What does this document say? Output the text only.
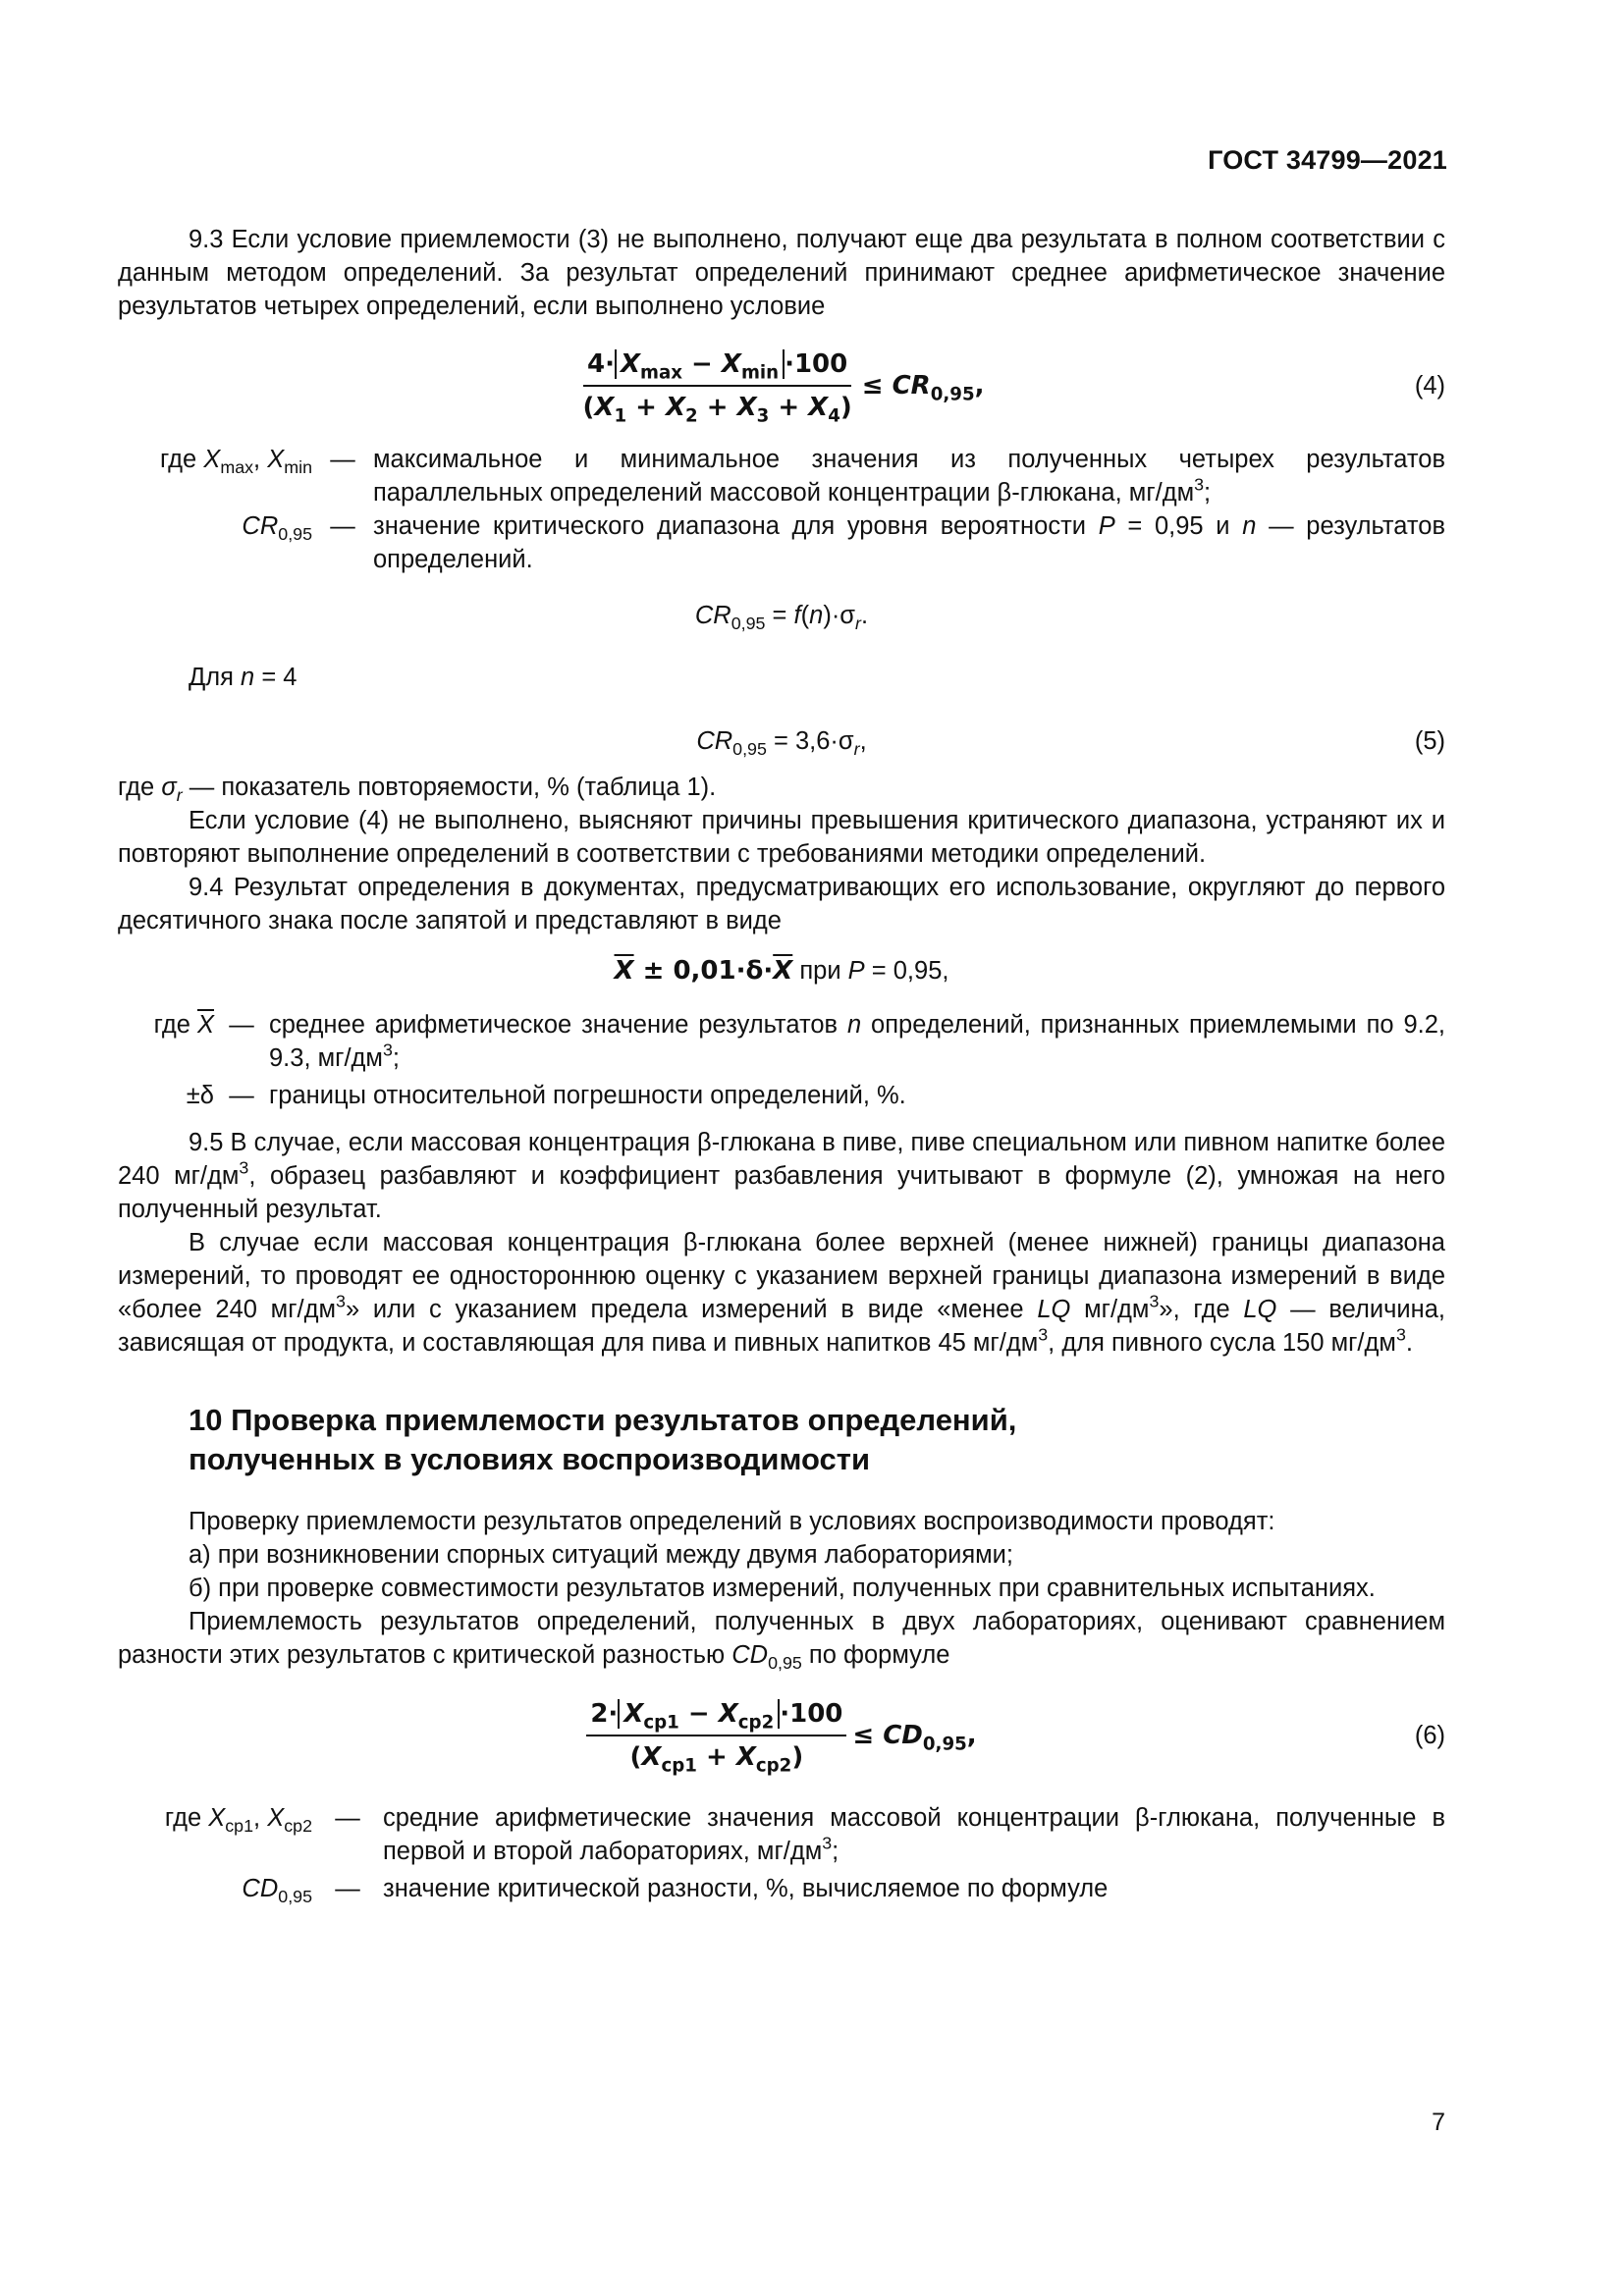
ГОСТ 34799—2021

9.3 Если условие приемлемости (3) не выполнено, получают еще два результата в полном соответствии с данным методом определений. За результат определений принимают среднее арифметическое значение результатов четырех определений, если выполнено условие

$\frac{4\cdot X_{max} - X_{min} \cdot 100}{(X_1 + X_2 + X_3 + X_4)} \le CR_{0,95}$,	(4)
где $X_{max}$, $X_{min}$ — максимальное и минимальное значения из полученных четырех результатов параллельных определений массовой концентрации β-глюкана, $мг/дм^3$;
$CR_{0,95}$ — значение критического диапазона для уровня вероятности P = 0,95 и n — результатов определений.
$CR_{0,95} = f(n)\cdot\sigma_r$.

Для n = 4

$CR_{0,95} = 3,6\cdot\sigma_r$,	(5)

где $\sigma_r$ — показатель повторяемости, % (таблица 1).

Если условие (4) не выполнено, выясняют причины превышения критического диапазона, устраняют их и повторяют выполнение определений в соответствии с требованиями методики определений.

9.4 Результат определения в документах, предусматривающих его использование, округляют до первого десятичного знака после запятой и представляют в виде

$\overline{X} \pm 0,01\cdot\delta\cdot\overline{X}$ при P = 0,95,
где $\overline{X}$ — среднее арифметическое значение результатов n определений, признанных приемлемыми по 9.2, 9.3, $мг/дм^3$;
±δ — границы относительной погрешности определений, %.

9.5 В случае, если массовая концентрация β-глюкана в пиве, пиве специальном или пивном напитке более 240 $мг/дм^3$, образец разбавляют и коэффициент разбавления учитывают в формуле (2), умножая на него полученный результат.

В случае если массовая концентрация β-глюкана более верхней (менее нижней) границы диапазона измерений, то проводят ее одностороннюю оценку с указанием верхней границы диапазона измерений в виде «более 240 $мг/дм^3$» или с указанием предела измерений в виде «менее LQ $мг/дм^3$», где LQ — величина, зависящая от продукта, и составляющая для пива и пивных напитков 45 $мг/дм^3$, для пивного сусла 150 $мг/дм^3$.

10 Проверка приемлемости результатов определений, полученных в условиях воспроизводимости

Проверку приемлемости результатов определений в условиях воспроизводимости проводят:

а) при возникновении спорных ситуаций между двумя лабораториями;

б) при проверке совместимости результатов измерений, полученных при сравнительных испытаниях.

Приемлемость результатов определений, полученных в двух лабораториях, оценивают сравнением разности этих результатов с критической разностью $CD_{0,95}$ по формуле

$\frac{2\cdot X_{ср1} - X_{ср2} \cdot 100}{(X_{ср1} + X_{ср2})} \le CD_{0,95}$,	(6)
где $X_{ср1}$, $X_{ср2}$ — средние арифметические значения массовой концентрации β-глюкана, полученные в первой и второй лабораториях, $мг/дм^3$;
$CD_{0,95}$ — значение критической разности, %, вычисляемое по формуле
7
